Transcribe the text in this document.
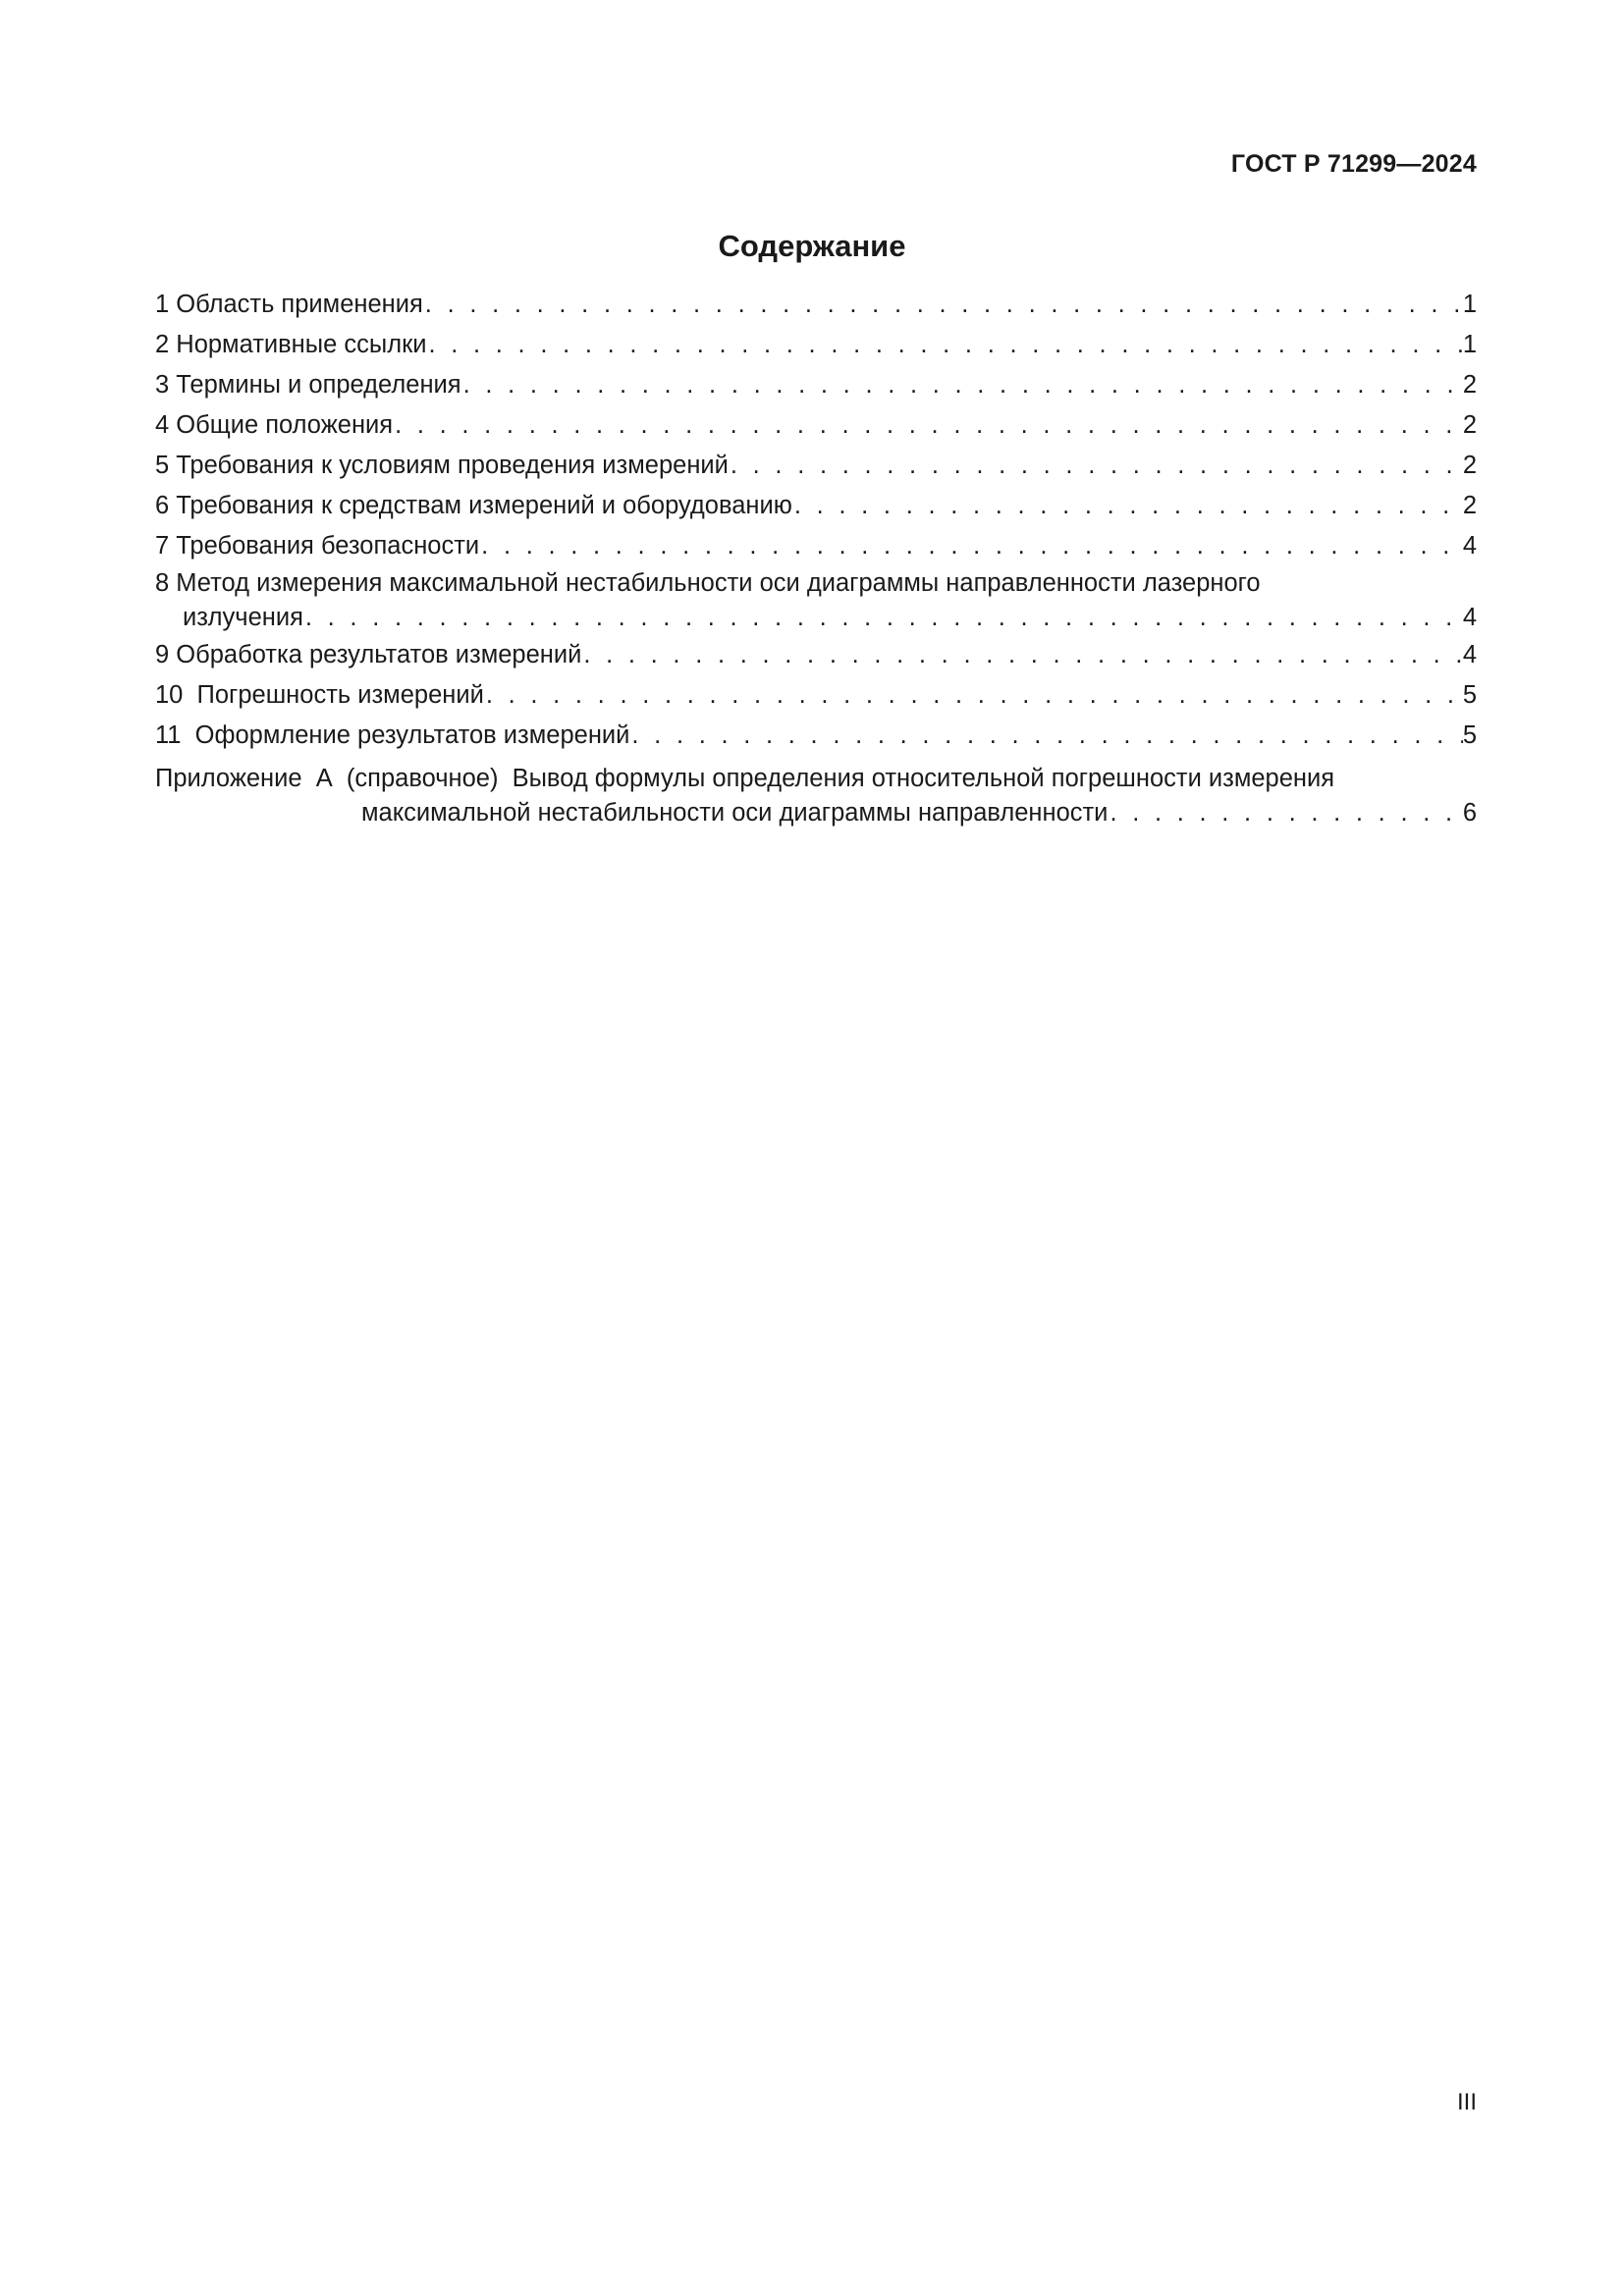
ГОСТ Р 71299—2024
Содержание
1
Область применения . . .	1
2
Нормативные ссылки . . .	1
3
Термины и определения . . .	2
4
Общие положения . . .	2
5
Требования к условиям проведения измерений . . .	2
6
Требования к средствам измерений и оборудованию . . .	2
7
Требования безопасности . . .	4
8
Метод измерения максимальной нестабильности оси диаграммы направленности лазерного
излучения . . .	4
9
Обработка результатов измерений . . .	4
10
Погрешность измерений . . .	5
11
Оформление результатов измерений . . .	5
Приложение  А  (справочное)  Вывод формулы определения относительной погрешности измерения
максимальной нестабильности оси диаграммы направленности . . .	6
III
